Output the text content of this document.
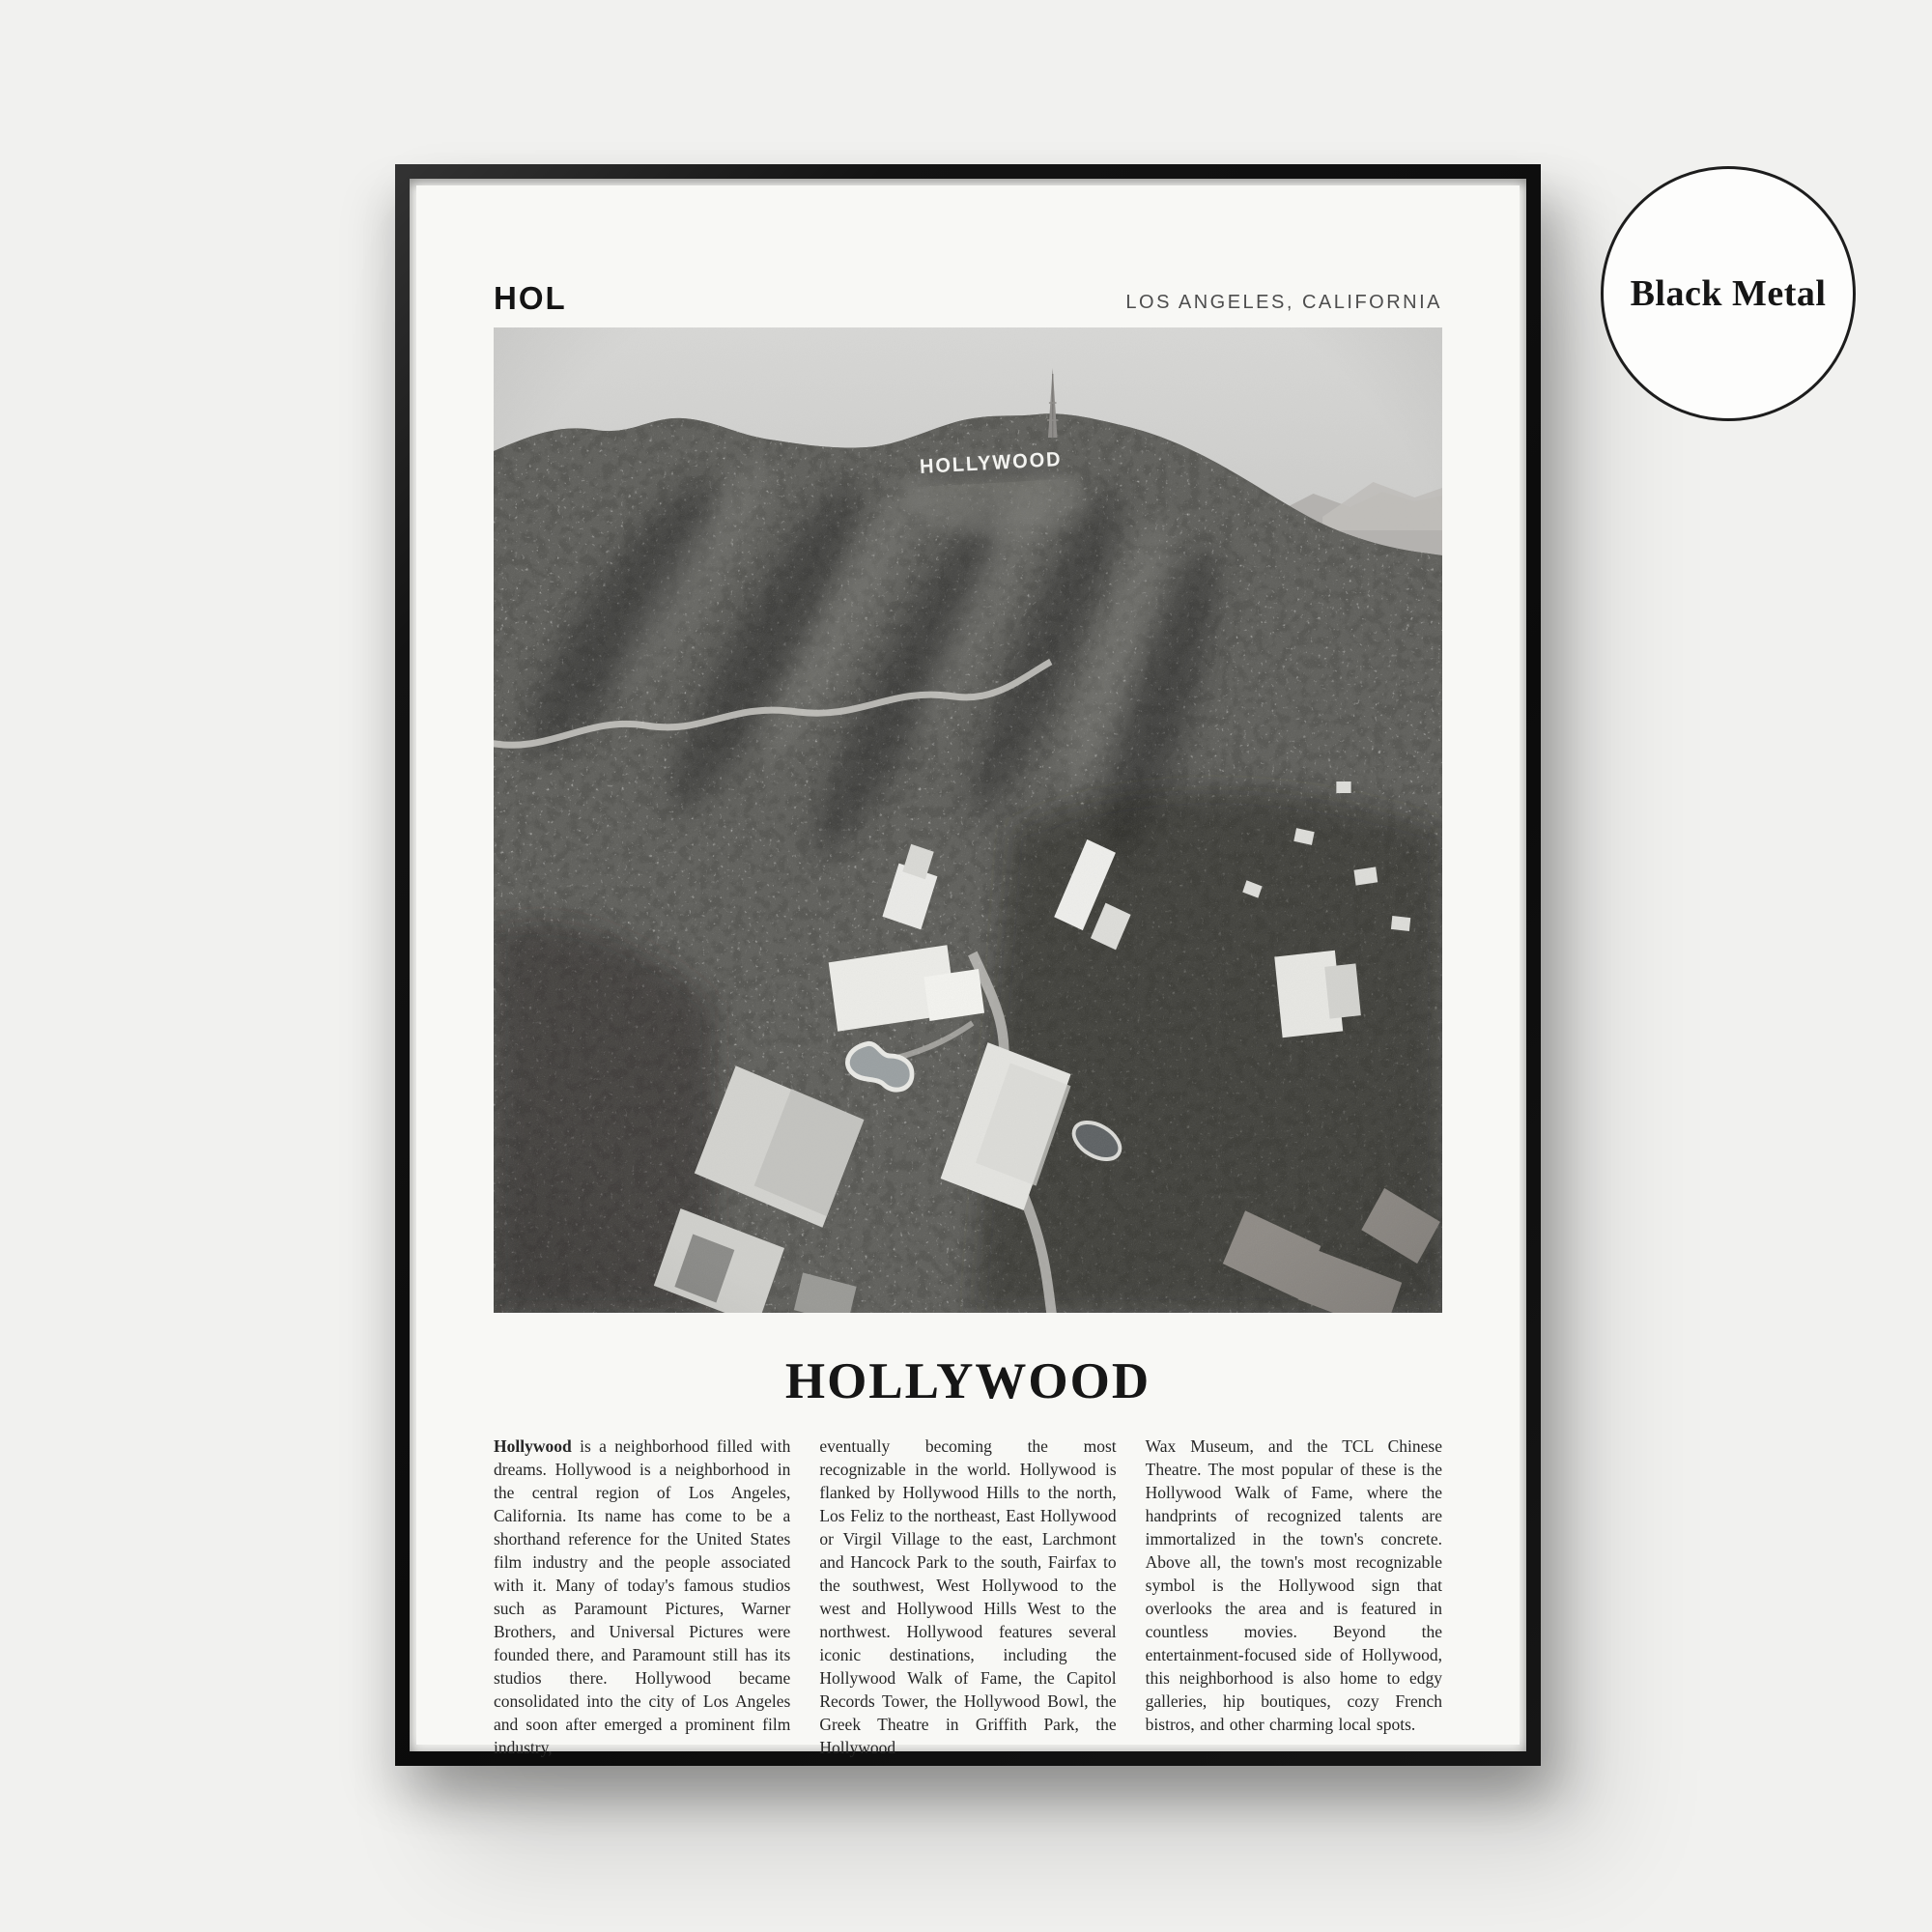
HOL	LOS ANGELES, CALIFORNIA
HOLLYWOOD

Hollywood is a neighborhood filled with dreams. Hollywood is a neighborhood in the central region of Los Angeles, California. Its name has come to be a shorthand reference for the United States film industry and the people associated with it. Many of today's famous studios such as Paramount Pictures, Warner Brothers, and Universal Pictures were founded there, and Paramount still has its studios there. Hollywood became consolidated into the city of Los Angeles and soon after emerged a prominent film industry,

eventually becoming the most recognizable in the world. Hollywood is flanked by Hollywood Hills to the north, Los Feliz to the northeast, East Hollywood or Virgil Village to the east, Larchmont and Hancock Park to the south, Fairfax to the southwest, West Hollywood to the west and Hollywood Hills West to the northwest. Hollywood features several iconic destinations, including the Hollywood Walk of Fame, the Capitol Records Tower, the Hollywood Bowl, the Greek Theatre in Griffith Park, the Hollywood

Wax Museum, and the TCL Chinese Theatre. The most popular of these is the Hollywood Walk of Fame, where the handprints of recognized talents are immortalized in the town's concrete. Above all, the town's most recognizable symbol is the Hollywood sign that overlooks the area and is featured in countless movies. Beyond the entertainment-focused side of Hollywood, this neighborhood is also home to edgy galleries, hip boutiques, cozy French bistros, and other charming local spots.

Black Metal
